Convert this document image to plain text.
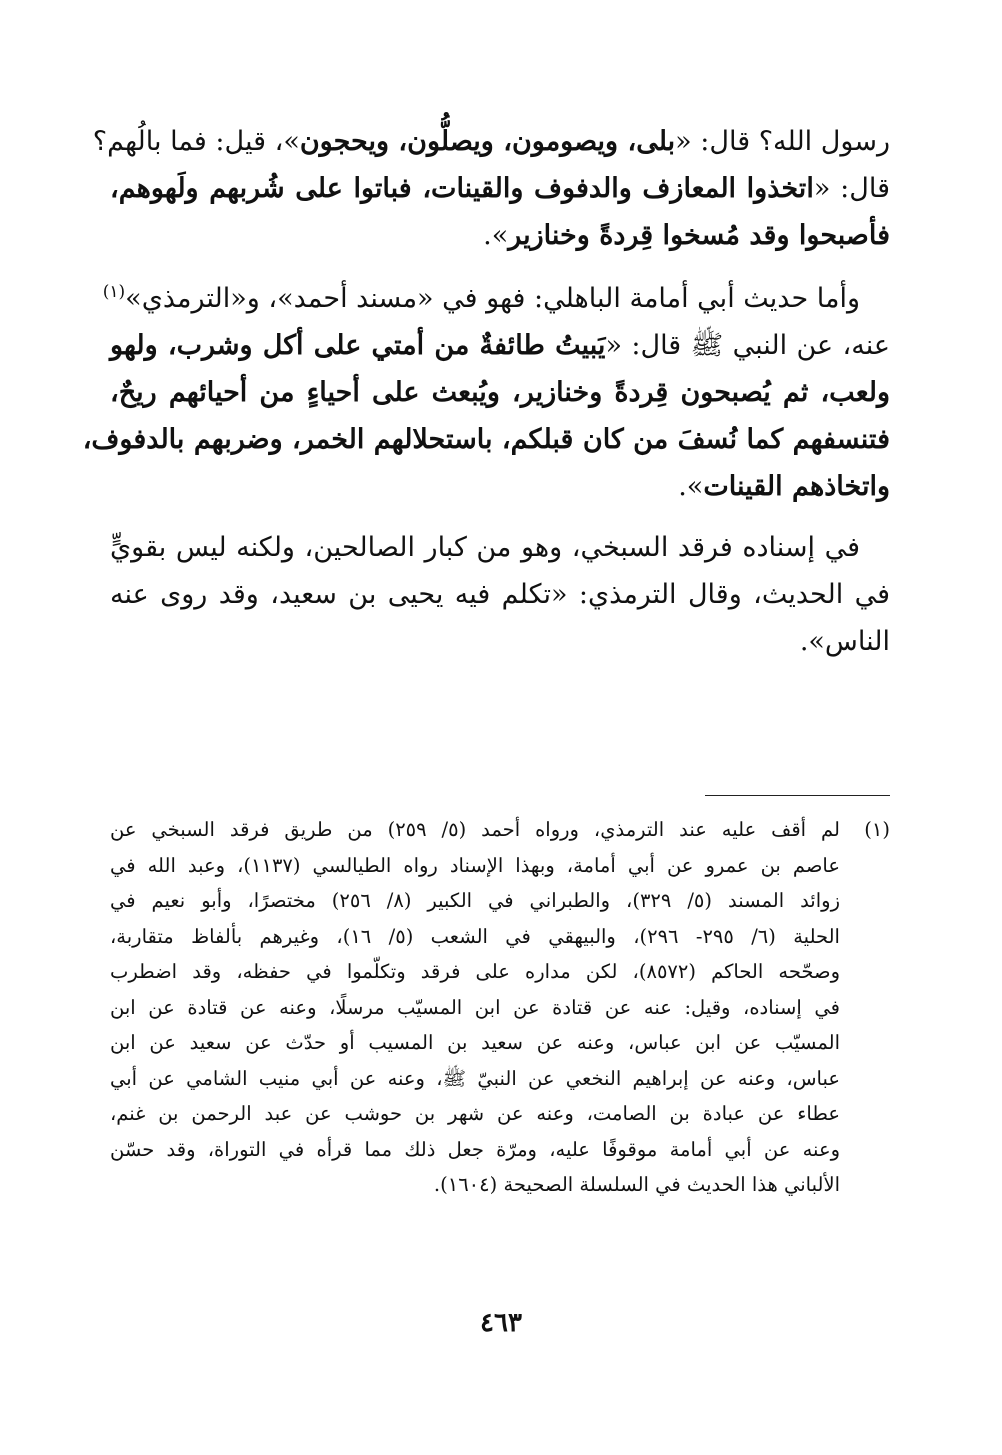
رسول الله؟ قال: «بلى، ويصومون، ويصلُّون، ويحجون»، قيل: فما بالُهم؟
قال: «اتخذوا المعازف والدفوف والقينات، فباتوا على شُربهم ولَهوهم،
فأصبحوا وقد مُسخوا قِردةً وخنازير».
وأما حديث أبي أمامة الباهلي: فهو في «مسند أحمد»، و«الترمذي»$^{(١)}$
عنه، عن النبي ﷺ قال: «يَبيتُ طائفةٌ من أمتي على أكل وشرب، ولهو
ولعب، ثم يُصبحون قِردةً وخنازير، ويُبعث على أحياءٍ من أحيائهم ريحٌ،
فتنسفهم كما نُسفَ من كان قبلكم، باستحلالهم الخمر، وضربهم بالدفوف،
واتخاذهم القينات».
في إسناده فرقد السبخي، وهو من كبار الصالحين، ولكنه ليس بقويٍّ
في الحديث، وقال الترمذي: «تكلم فيه يحيى بن سعيد، وقد روى عنه
الناس».
(١)لم أقف عليه عند الترمذي، ورواه أحمد (٥/ ٢٥٩) من طريق فرقد السبخي عن
عاصم بن عمرو عن أبي أمامة، وبهذا الإسناد رواه الطيالسي (١١٣٧)، وعبد الله في
زوائد المسند (٥/ ٣٢٩)، والطبراني في الكبير (٨/ ٢٥٦) مختصرًا، وأبو نعيم في
الحلية (٦/ ٢٩٥- ٢٩٦)، والبيهقي في الشعب (٥/ ١٦)، وغيرهم بألفاظ متقاربة،
وصحّحه الحاكم (٨٥٧٢)، لكن مداره على فرقد وتكلّموا في حفظه، وقد اضطرب
في إسناده، وقيل: عنه عن قتادة عن ابن المسيّب مرسلًا، وعنه عن قتادة عن ابن
المسيّب عن ابن عباس، وعنه عن سعيد بن المسيب أو حدّث عن سعيد عن ابن
عباس، وعنه عن إبراهيم النخعي عن النبيّ ﷺ، وعنه عن أبي منيب الشامي عن أبي
عطاء عن عبادة بن الصامت، وعنه عن شهر بن حوشب عن عبد الرحمن بن غنم،
وعنه عن أبي أمامة موقوفًا عليه، ومرّة جعل ذلك مما قرأه في التوراة، وقد حسّن
الألباني هذا الحديث في السلسلة الصحيحة (١٦٠٤).
٤٦٣
